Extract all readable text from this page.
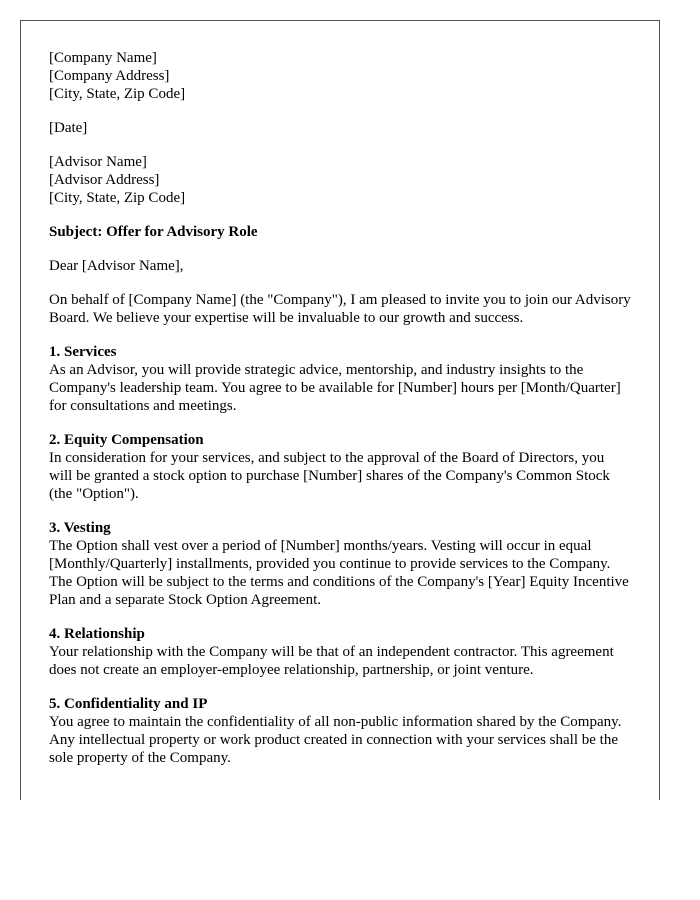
[Company Name]
[Company Address]
[City, State, Zip Code]
[Date]
[Advisor Name]
[Advisor Address]
[City, State, Zip Code]
Subject: Offer for Advisory Role
Dear [Advisor Name],
On behalf of [Company Name] (the "Company"), I am pleased to invite you to join our Advisory Board. We believe your expertise will be invaluable to our growth and success.
1. Services
As an Advisor, you will provide strategic advice, mentorship, and industry insights to the Company's leadership team. You agree to be available for [Number] hours per [Month/Quarter] for consultations and meetings.
2. Equity Compensation
In consideration for your services, and subject to the approval of the Board of Directors, you will be granted a stock option to purchase [Number] shares of the Company's Common Stock (the "Option").
3. Vesting
The Option shall vest over a period of [Number] months/years. Vesting will occur in equal [Monthly/Quarterly] installments, provided you continue to provide services to the Company. The Option will be subject to the terms and conditions of the Company's [Year] Equity Incentive Plan and a separate Stock Option Agreement.
4. Relationship
Your relationship with the Company will be that of an independent contractor. This agreement does not create an employer-employee relationship, partnership, or joint venture.
5. Confidentiality and IP
You agree to maintain the confidentiality of all non-public information shared by the Company. Any intellectual property or work product created in connection with your services shall be the sole property of the Company.
